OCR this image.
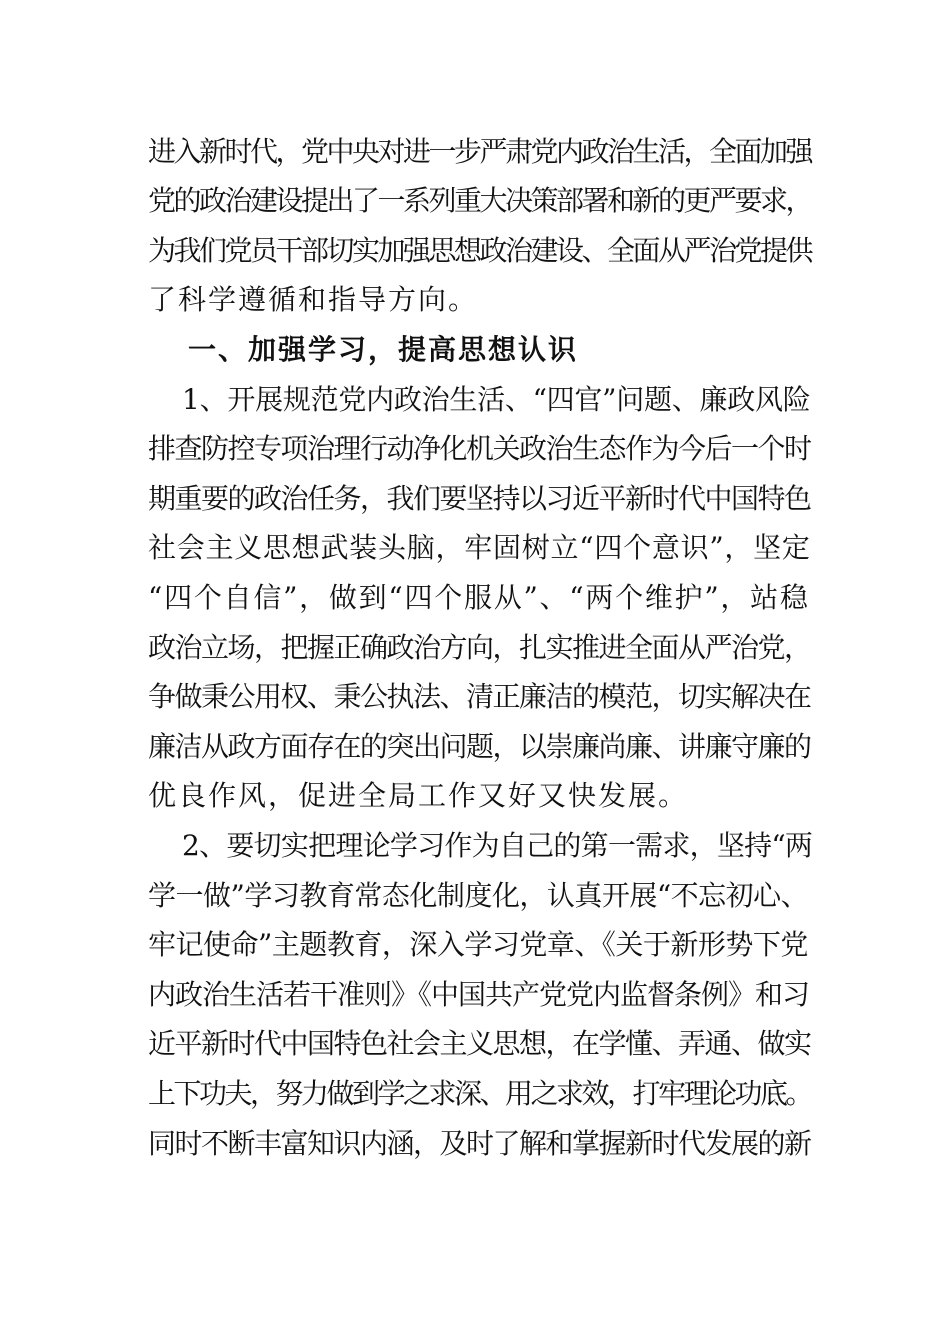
进入新时代，党中央对进一步严肃党内政治生活，全面加强
党的政治建设提出了一系列重大决策部署和新的更严要求，
为我们党员干部切实加强思想政治建设、全面从严治党提供
了科学遵循和指导方向。
一、加强学习，提高思想认识
1、开展规范党内政治生活、“四官”问题、廉政风险
排查防控专项治理行动净化机关政治生态作为今后一个时
期重要的政治任务，我们要坚持以习近平新时代中国特色
社会主义思想武装头脑，牢固树立“四个意识”，坚定
“四个自信”，做到“四个服从”、“两个维护”，站稳
政治立场，把握正确政治方向，扎实推进全面从严治党，
争做秉公用权、秉公执法、清正廉洁的模范，切实解决在
廉洁从政方面存在的突出问题，以崇廉尚廉、讲廉守廉的
优良作风，促进全局工作又好又快发展。
2、要切实把理论学习作为自己的第一需求，坚持“两
学一做”学习教育常态化制度化，认真开展“不忘初心、
牢记使命”主题教育，深入学习党章、《关于新形势下党
内政治生活若干准则》《中国共产党党内监督条例》和习
近平新时代中国特色社会主义思想，在学懂、弄通、做实
上下功夫，努力做到学之求深、用之求效，打牢理论功底。
同时不断丰富知识内涵，及时了解和掌握新时代发展的新
